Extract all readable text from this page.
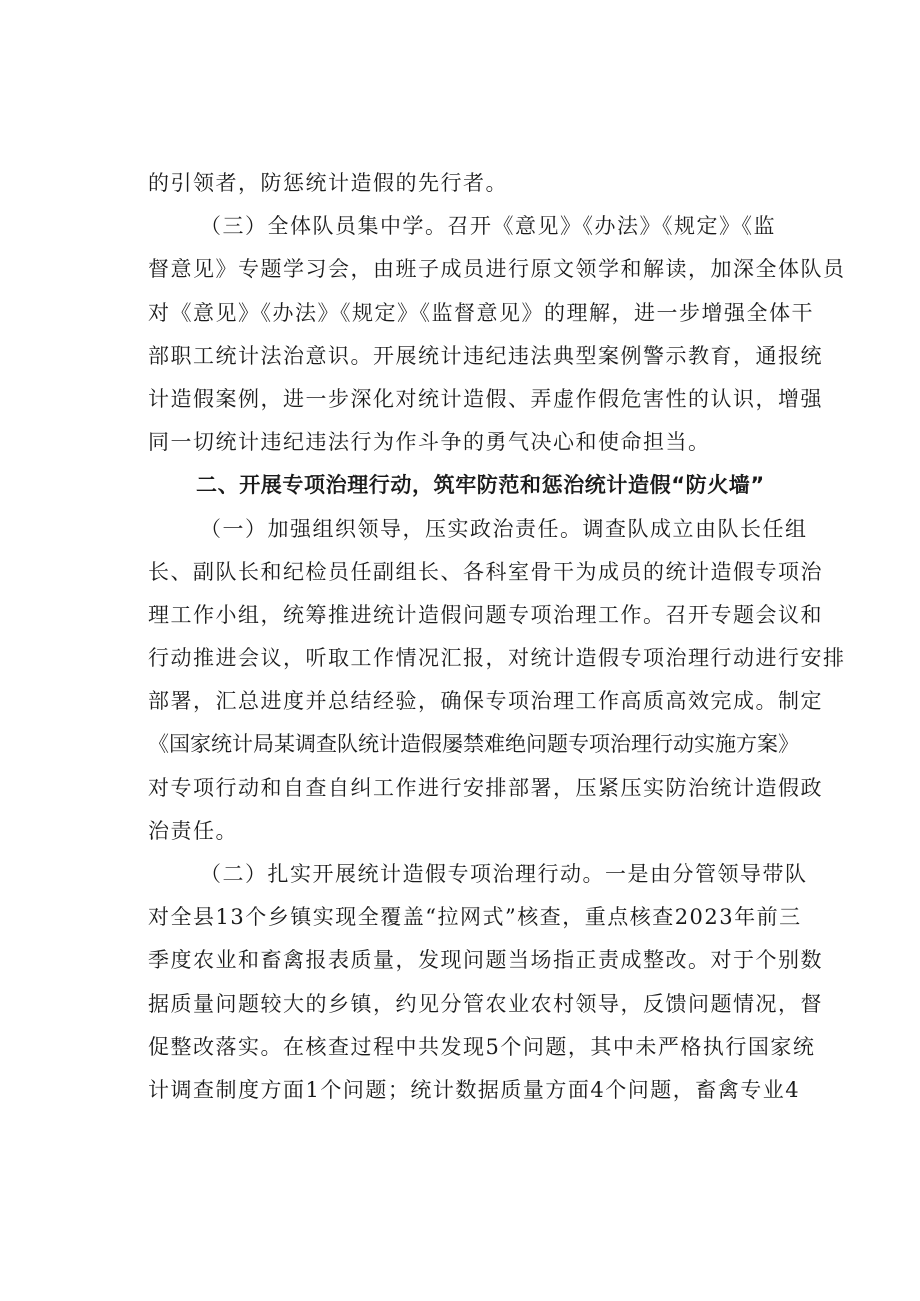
的引领者，防惩统计造假的先行者。
（三）全体队员集中学。召开《意见》《办法》《规定》《监
督意见》专题学习会，由班子成员进行原文领学和解读，加深全体队员
对《意见》《办法》《规定》《监督意见》的理解，进一步增强全体干
部职工统计法治意识。开展统计违纪违法典型案例警示教育，通报统
计造假案例，进一步深化对统计造假、弄虚作假危害性的认识，增强
同一切统计违纪违法行为作斗争的勇气决心和使命担当。
二、开展专项治理行动，筑牢防范和惩治统计造假“防火墙”
（一）加强组织领导，压实政治责任。调查队成立由队长任组
长、副队长和纪检员任副组长、各科室骨干为成员的统计造假专项治
理工作小组，统筹推进统计造假问题专项治理工作。召开专题会议和
行动推进会议，听取工作情况汇报，对统计造假专项治理行动进行安排
部署，汇总进度并总结经验，确保专项治理工作高质高效完成。制定
《国家统计局某调查队统计造假屡禁难绝问题专项治理行动实施方案》
对专项行动和自查自纠工作进行安排部署，压紧压实防治统计造假政
治责任。
（二）扎实开展统计造假专项治理行动。一是由分管领导带队
对全县13个乡镇实现全覆盖“拉网式”核查，重点核查2023年前三
季度农业和畜禽报表质量，发现问题当场指正责成整改。对于个别数
据质量问题较大的乡镇，约见分管农业农村领导，反馈问题情况，督
促整改落实。在核查过程中共发现5个问题，其中未严格执行国家统
计调查制度方面1个问题；统计数据质量方面4个问题，畜禽专业4
